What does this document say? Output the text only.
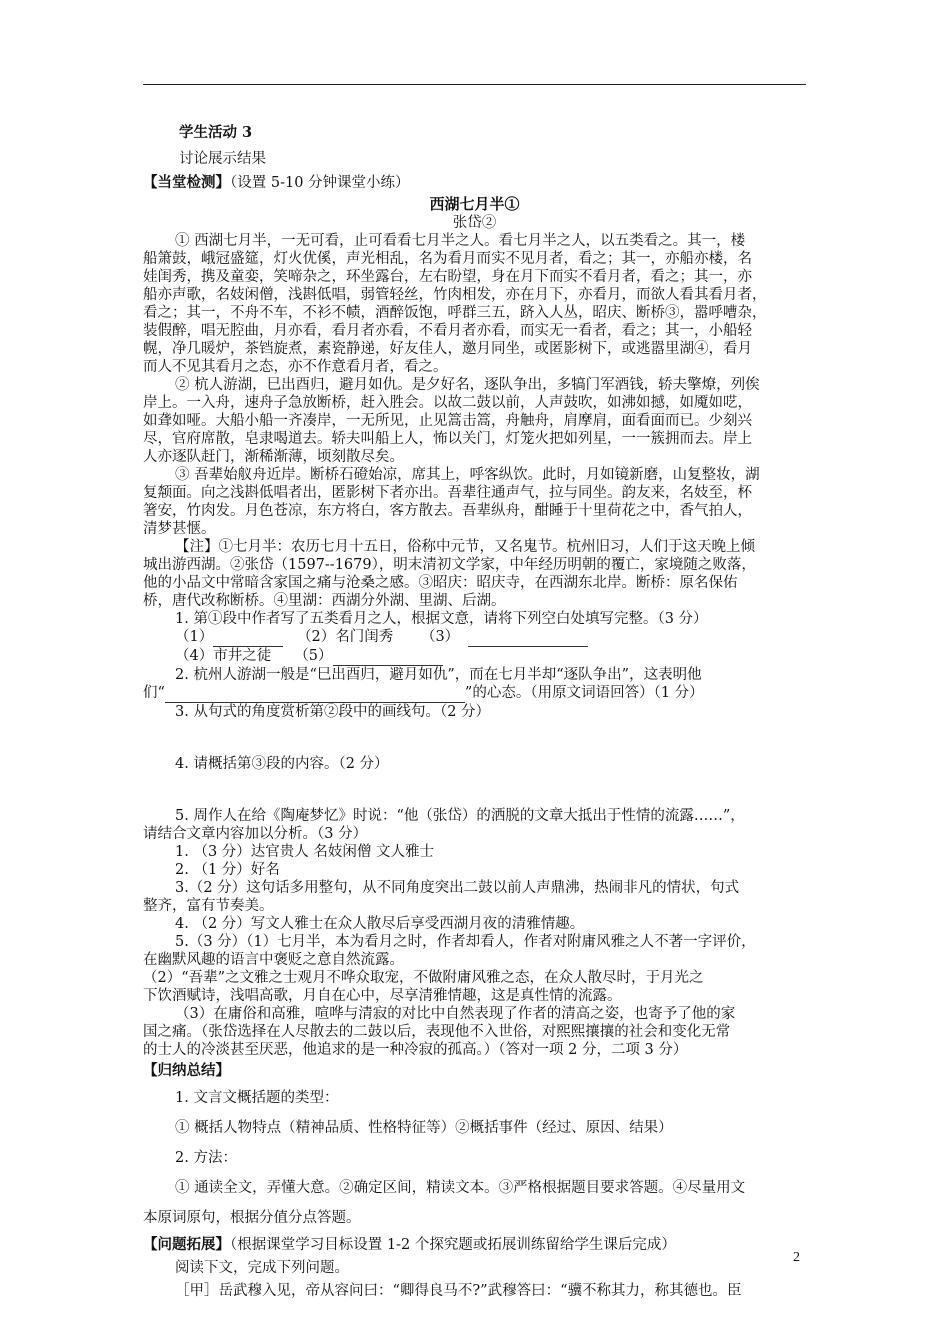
学生活动 3
讨论展示结果
【当堂检测】（设置 5-10 分钟课堂小练）
西湖七月半①
张岱②
① 西湖七月半，一无可看，止可看看七月半之人。看七月半之人，以五类看之。其一，楼
船箫鼓，峨冠盛筵，灯火优傒，声光相乱，名为看月而实不见月者，看之；其一，亦船亦楼，名
娃闺秀，携及童娈，笑啼杂之，环坐露台，左右盼望，身在月下而实不看月者，看之；其一，亦
船亦声歌，名妓闲僧，浅斟低唱，弱管轻丝，竹肉相发，亦在月下，亦看月，而欲人看其看月者，
看之；其一，不舟不车，不衫不帻，酒醉饭饱，呼群三五，跻入人丛，昭庆、断桥③，嚣呼嘈杂，
装假醉，唱无腔曲，月亦看，看月者亦看，不看月者亦看，而实无一看者，看之；其一，小船轻
幌，净几暖炉，茶铛旋煮，素瓷静递，好友佳人，邀月同坐，或匿影树下，或逃嚣里湖④，看月
而人不见其看月之态，亦不作意看月者，看之。
② 杭人游湖，巳出酉归，避月如仇。是夕好名，逐队争出，多犒门军酒钱，轿夫擎燎，列俟
岸上。一入舟，速舟子急放断桥，赶入胜会。以故二鼓以前，人声鼓吹，如沸如撼，如魇如呓，
如聋如哑。大船小船一齐凑岸，一无所见，止见篙击篙，舟触舟，肩摩肩，面看面而已。少刻兴
尽，官府席散，皂隶喝道去。轿夫叫船上人，怖以关门，灯笼火把如列星，一一簇拥而去。岸上
人亦逐队赶门，渐稀渐薄，顷刻散尽矣。
③ 吾辈始舣舟近岸。断桥石磴始凉，席其上，呼客纵饮。此时，月如镜新磨，山复整妆，湖
复颒面。向之浅斟低唱者出，匿影树下者亦出。吾辈往通声气，拉与同坐。韵友来，名妓至，杯
箸安，竹肉发。月色苍凉，东方将白，客方散去。吾辈纵舟，酣睡于十里荷花之中，香气拍人，
清梦甚惬。
【注】①七月半：农历七月十五日，俗称中元节，又名鬼节。杭州旧习，人们于这天晚上倾
城出游西湖。②张岱（1597--1679），明末清初文学家，中年经历明朝的覆亡，家境随之败落，
他的小品文中常暗含家国之痛与沧桑之感。③昭庆：昭庆寺，在西湖东北岸。断桥：原名保佑
桥，唐代改称断桥。④里湖：西湖分外湖、里湖、后湖。
1. 第①段中作者写了五类看月之人，根据文意，请将下列空白处填写完整。（3 分）
（1）	（2）名门闺秀 （3）
（4）市井之徒 （5）
2. 杭州人游湖一般是“巳出酉归，避月如仇”，而在七月半却“逐队争出”，这表明他
们“	”的心态。（用原文词语回答）（1 分）
3. 从句式的角度赏析第②段中的画线句。（2 分）
4. 请概括第③段的内容。（2 分）
5. 周作人在给《陶庵梦忆》时说：“他（张岱）的洒脱的文章大抵出于性情的流露……”，
请结合文章内容加以分析。（3 分）
1. （3 分）达官贵人 名妓闲僧 文人雅士
2. （1 分）好名
3.（2 分）这句话多用整句，从不同角度突出二鼓以前人声鼎沸，热闹非凡的情状，句式
整齐，富有节奏美。
4. （2 分）写文人雅士在众人散尽后享受西湖月夜的清雅情趣。
5.（3 分）（1）七月半，本为看月之时，作者却看人，作者对附庸风雅之人不著一字评价，
在幽默风趣的语言中褒贬之意自然流露。
（2）“吾辈”之文雅之士观月不哗众取宠，不做附庸风雅之态，在众人散尽时，于月光之
下饮酒赋诗，浅唱高歌，月自在心中，尽享清雅情趣，这是真性情的流露。
（3）在庸俗和高雅，喧哗与清寂的对比中自然表现了作者的清高之姿，也寄予了他的家
国之痛。（张岱选择在人尽散去的二鼓以后，表现他不入世俗，对熙熙攘攘的社会和变化无常
的士人的冷淡甚至厌恶，他追求的是一种冷寂的孤高。）（答对一项 2 分，二项 3 分）
【归纳总结】
1. 文言文概括题的类型：
① 概括人物特点（精神品质、性格特征等）②概括事件（经过、原因、结果）
2. 方法：
① 通读全文，弄懂大意。②确定区间，精读文本。③严格根据题目要求答题。④尽量用文
本原词原句，根据分值分点答题。
【问题拓展】（根据课堂学习目标设置 1-2 个探究题或拓展训练留给学生课后完成）
阅读下文，完成下列问题。
［甲］岳武穆入见，帝从容问曰：“卿得良马不?”武穆答曰：“骥不称其力，称其德也。臣
2
